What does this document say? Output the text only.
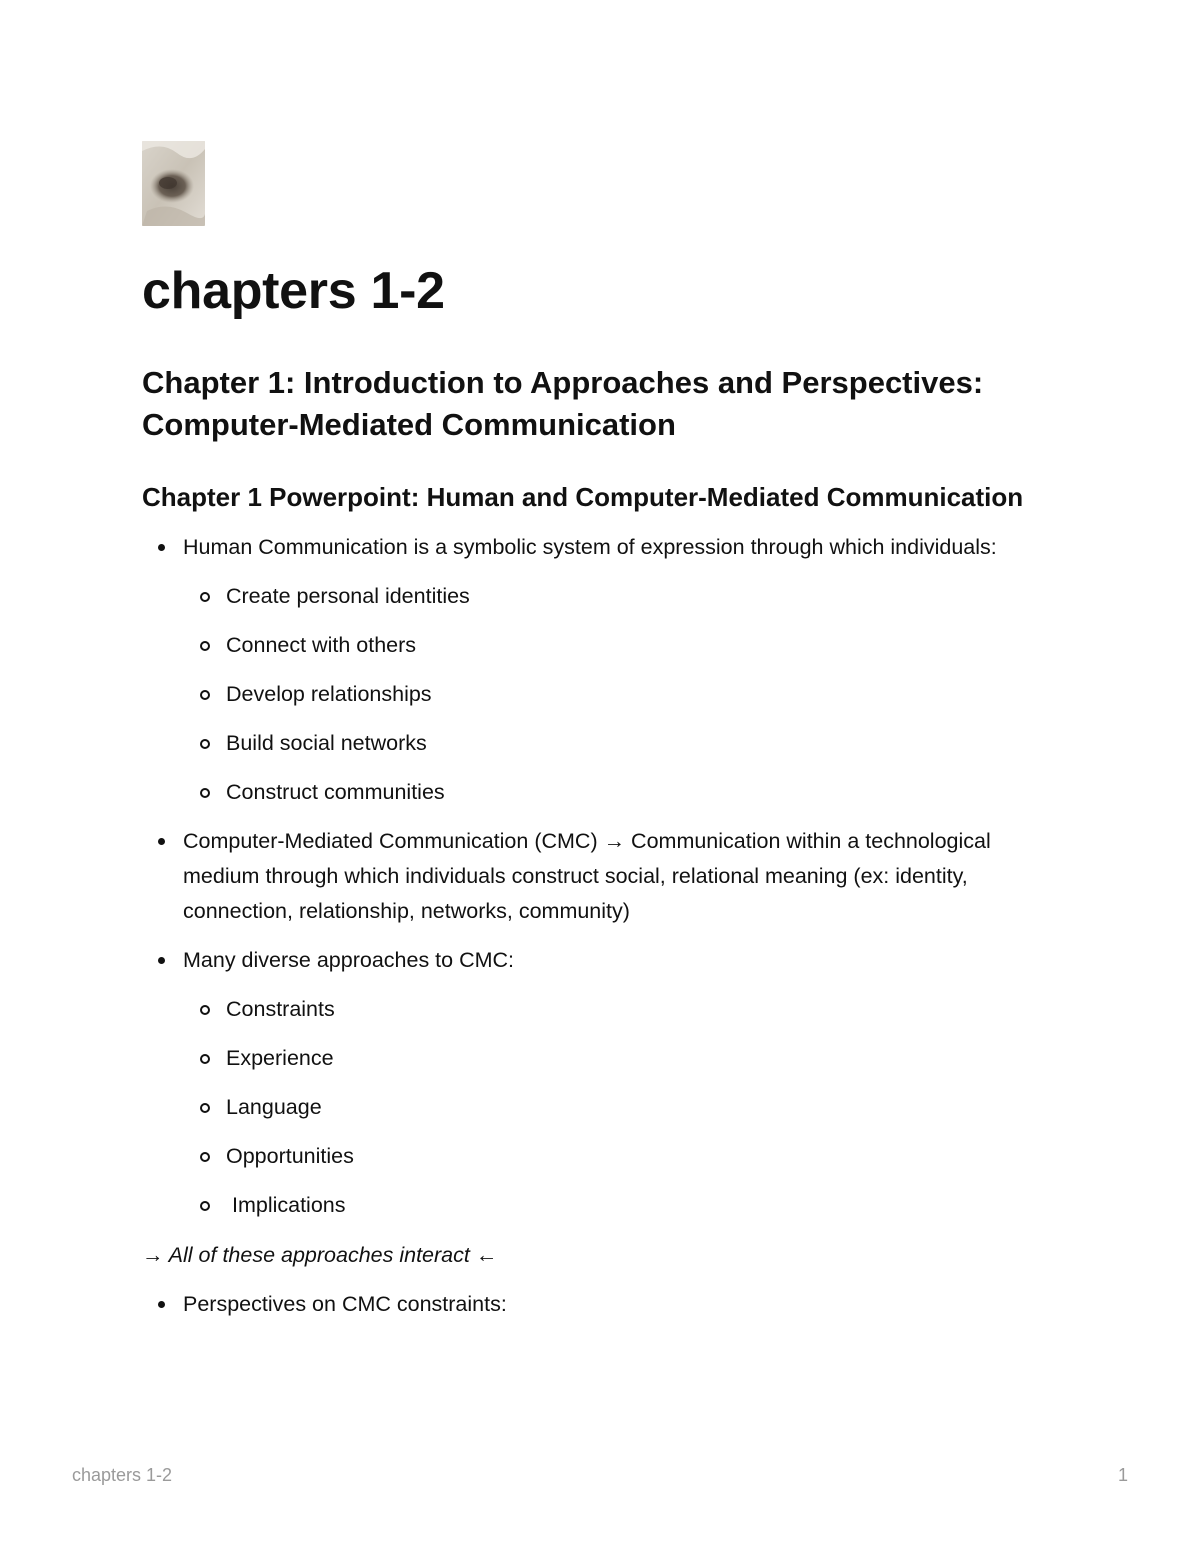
chapters 1-2
Chapter 1: Introduction to Approaches and Perspectives: Computer-Mediated Communication
Chapter 1 Powerpoint: Human and Computer-Mediated Communication
Human Communication is a symbolic system of expression through which individuals:
Create personal identities
Connect with others
Develop relationships
Build social networks
Construct communities
Computer-Mediated Communication (CMC) → Communication within a technological medium through which individuals construct social, relational meaning (ex: identity, connection, relationship, networks, community)
Many diverse approaches to CMC:
Constraints
Experience
Language
Opportunities
Implications
→ All of these approaches interact ←
Perspectives on CMC constraints:
chapters 1-2	1
